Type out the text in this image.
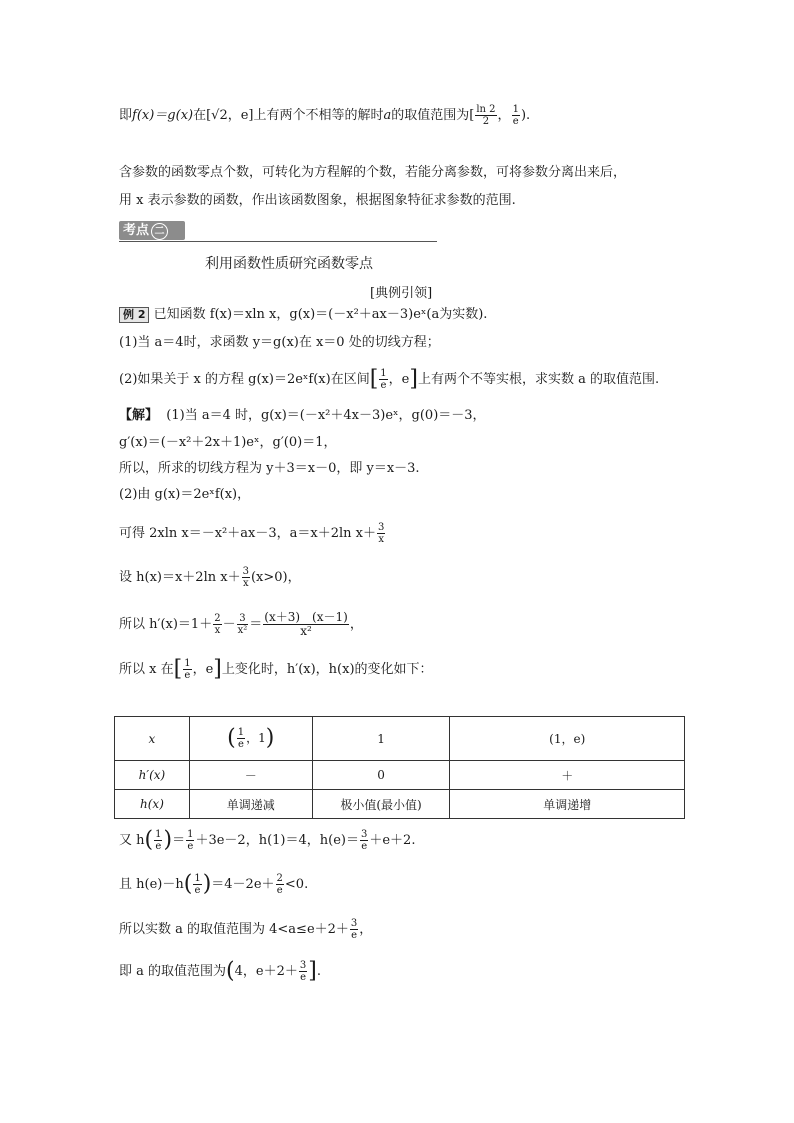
即f(x)＝g(x)在[√2，e]上有两个不相等的解时a的取值范围为[ $\frac{\ln 2}{2}$ ， $\frac{1}{e}$ ).
含参数的函数零点个数，可转化为方程解的个数，若能分离参数，可将参数分离出来后，
用 x 表示参数的函数，作出该函数图象，根据图象特征求参数的范围.
考点 二
利用函数性质研究函数零点
[典例引领]
例 2 已知函数 f(x)＝xln x，g(x)＝(－x²＋ax－3)eˣ(a为实数).
(1)当 a＝4时，求函数 y＝g(x)在 x＝0 处的切线方程；
(2)如果关于 x 的方程 g(x)＝2eˣf(x)在区间[ $\frac{1}{e}$ ，e]上有两个不等实根，求实数 a 的取值范围.
【解】 (1)当 a＝4 时，g(x)＝(－x²＋4x－3)eˣ，g(0)＝－3，
g′(x)＝(－x²＋2x＋1)eˣ，g′(0)＝1，
所以，所求的切线方程为 y＋3＝x－0，即 y＝x－3.
(2)由 g(x)＝2eˣf(x)，
可得 2xln x＝－x²＋ax－3，a＝x＋2ln $x+ \frac{3}{x}$
设 h(x)＝x＋2ln $x+ \frac{3}{x} (x>0)$，
所以 $h'(x)=1+ \frac{2}{x} - \frac{3}{\text{x²}} = \frac{(x+3) (x-1)}{\text{x²}}$ ，
所以 x 在[ $\frac{1}{e}$ ，e]上变化时，h′(x)，h(x)的变化如下：
x	( $\frac{1}{e}$ ，1)	1	(1，e)
h′(x)	－	0	＋
h(x)	单调递减	极小值(最小值)	单调递增
又 $h( \frac{1}{e}$ )＝ $\frac{1}{e} +3e-2$，h(1)＝4，$h(e)= \frac{3}{e} +e+2$.
且 $h(e)-h( \frac{1}{e} )=4-2e+ \frac{2}{e} <0$.
所以实数 a 的取值范围为 $4<a\le e+2+ \frac{3}{e}$ ，
即 a 的取值范围为(4，$e+2+ \frac{3}{e}$ ].
